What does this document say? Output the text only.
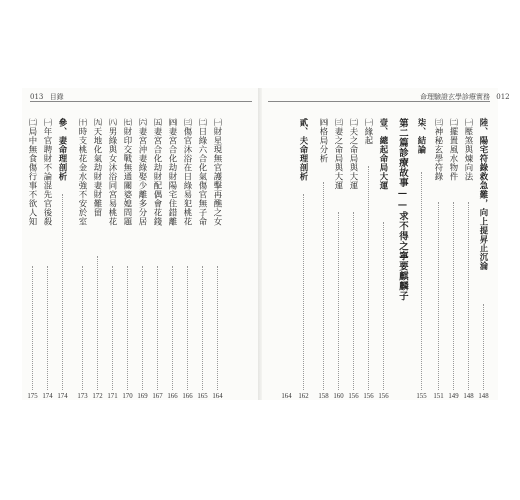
013 目錄	命理驗證玄學診療實務 012
㈠財星現無官護擊再醮之女
164
㈡日綠六合化氣傷官無子命
165
㈢傷官沐浴在日綠易犯桃花
166
㈣妻宮合化劫財陽宅住錯離
166
㈤妻宮合化劫財配偶會花錢
167
㈥妻宮沖妻綠娶少離多分居
169
㈦財印交戰無通關婆媳問題
170
㈧男綠與女沐浴同宮易桃花
171
㈨天地化氣劫財妻財難留
172
㈩時支桃花金水強不安於室
173
參、妻命理剖析
174
㈠年官聘財不論混先官後殺
174
㈡局中無食傷行事不欲人知
175
陸、陽宅符錄救急難，向上提昇止沉淪
148
㈠壓煞與煉向法
148
㈡擺置風水物件
149
㈢神秘玄學符錄
151
柒、結論
155
第二篇診療故事——求不得之寧要麒麟子
壹、總起命局大運
156
㈠緣起
156
㈡夫之命局與大運
156
㈢妻之命局與大運
160
㈣格局分析
158
貳、夫命理剖析
162
164
